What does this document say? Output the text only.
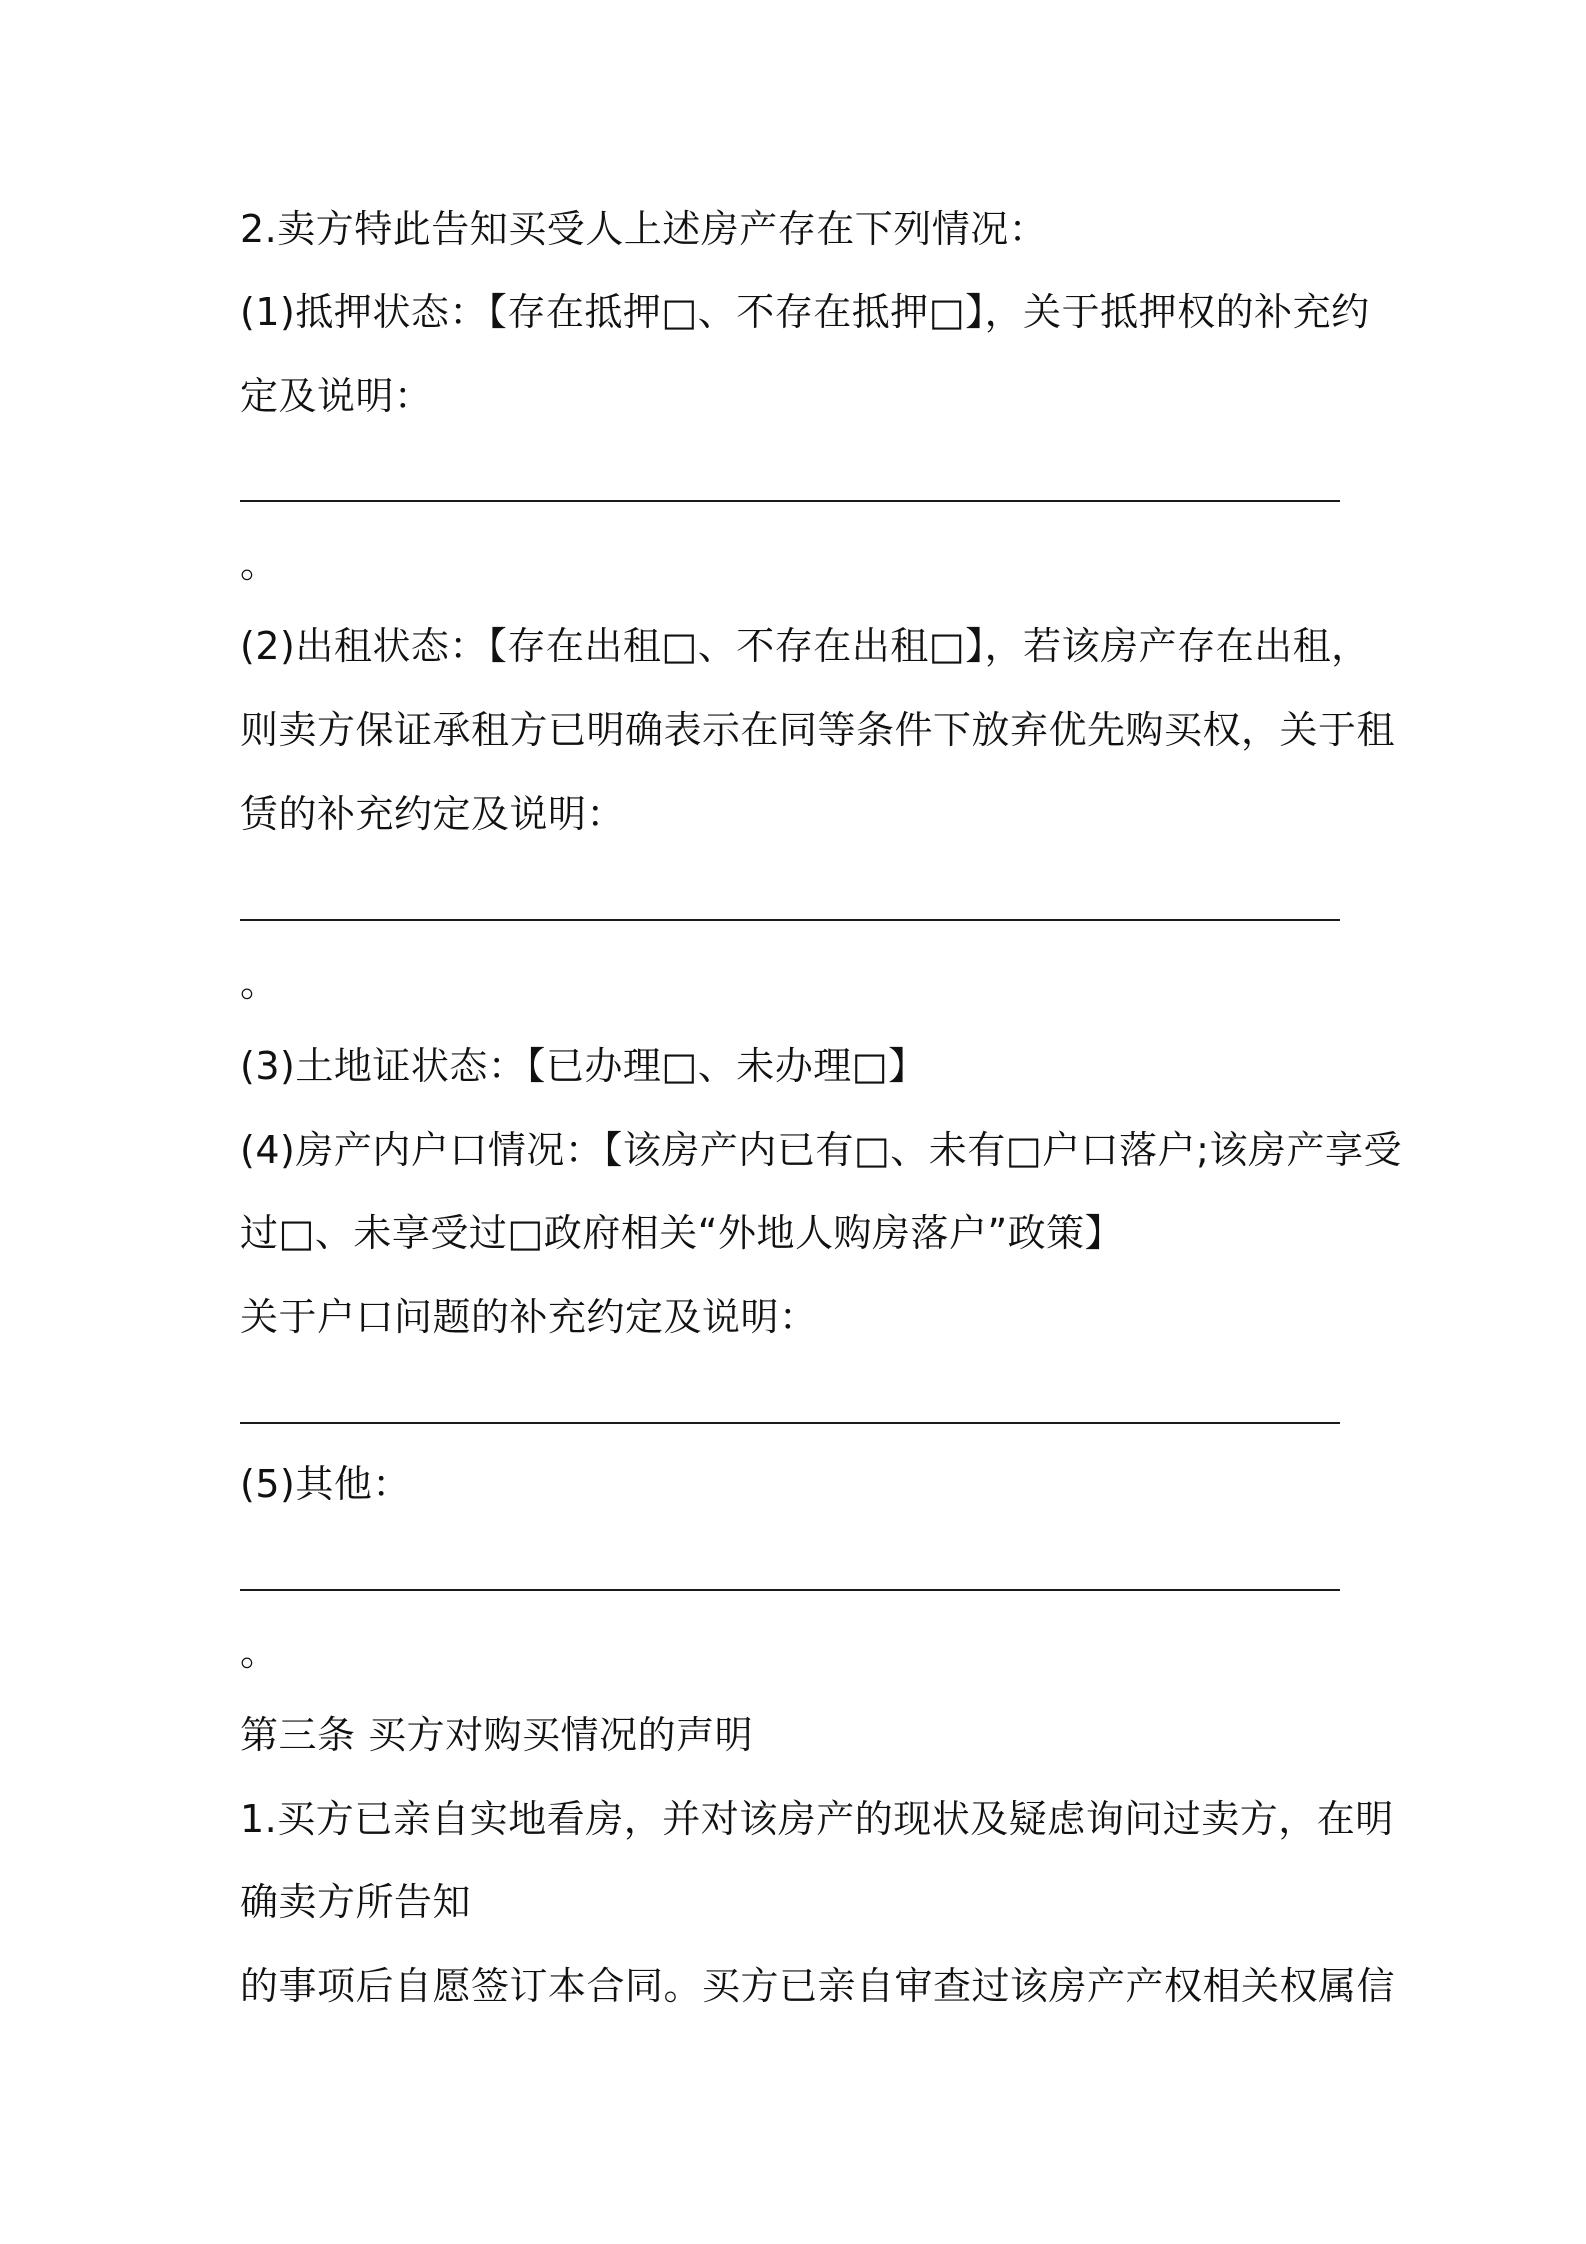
2.卖方特此告知买受人上述房产存在下列情况：
(1)抵押状态：【存在抵押□、不存在抵押□】，关于抵押权的补充约
定及说明：
。
(2)出租状态：【存在出租□、不存在出租□】，若该房产存在出租，
则卖方保证承租方已明确表示在同等条件下放弃优先购买权，关于租
赁的补充约定及说明：
。
(3)土地证状态：【已办理□、未办理□】
(4)房产内户口情况：【该房产内已有□、未有□户口落户;该房产享受
过□、未享受过□政府相关“外地人购房落户”政策】
关于户口问题的补充约定及说明：
(5)其他：
。
第三条 买方对购买情况的声明
1.买方已亲自实地看房，并对该房产的现状及疑虑询问过卖方，在明
确卖方所告知
的事项后自愿签订本合同。买方已亲自审查过该房产产权相关权属信
